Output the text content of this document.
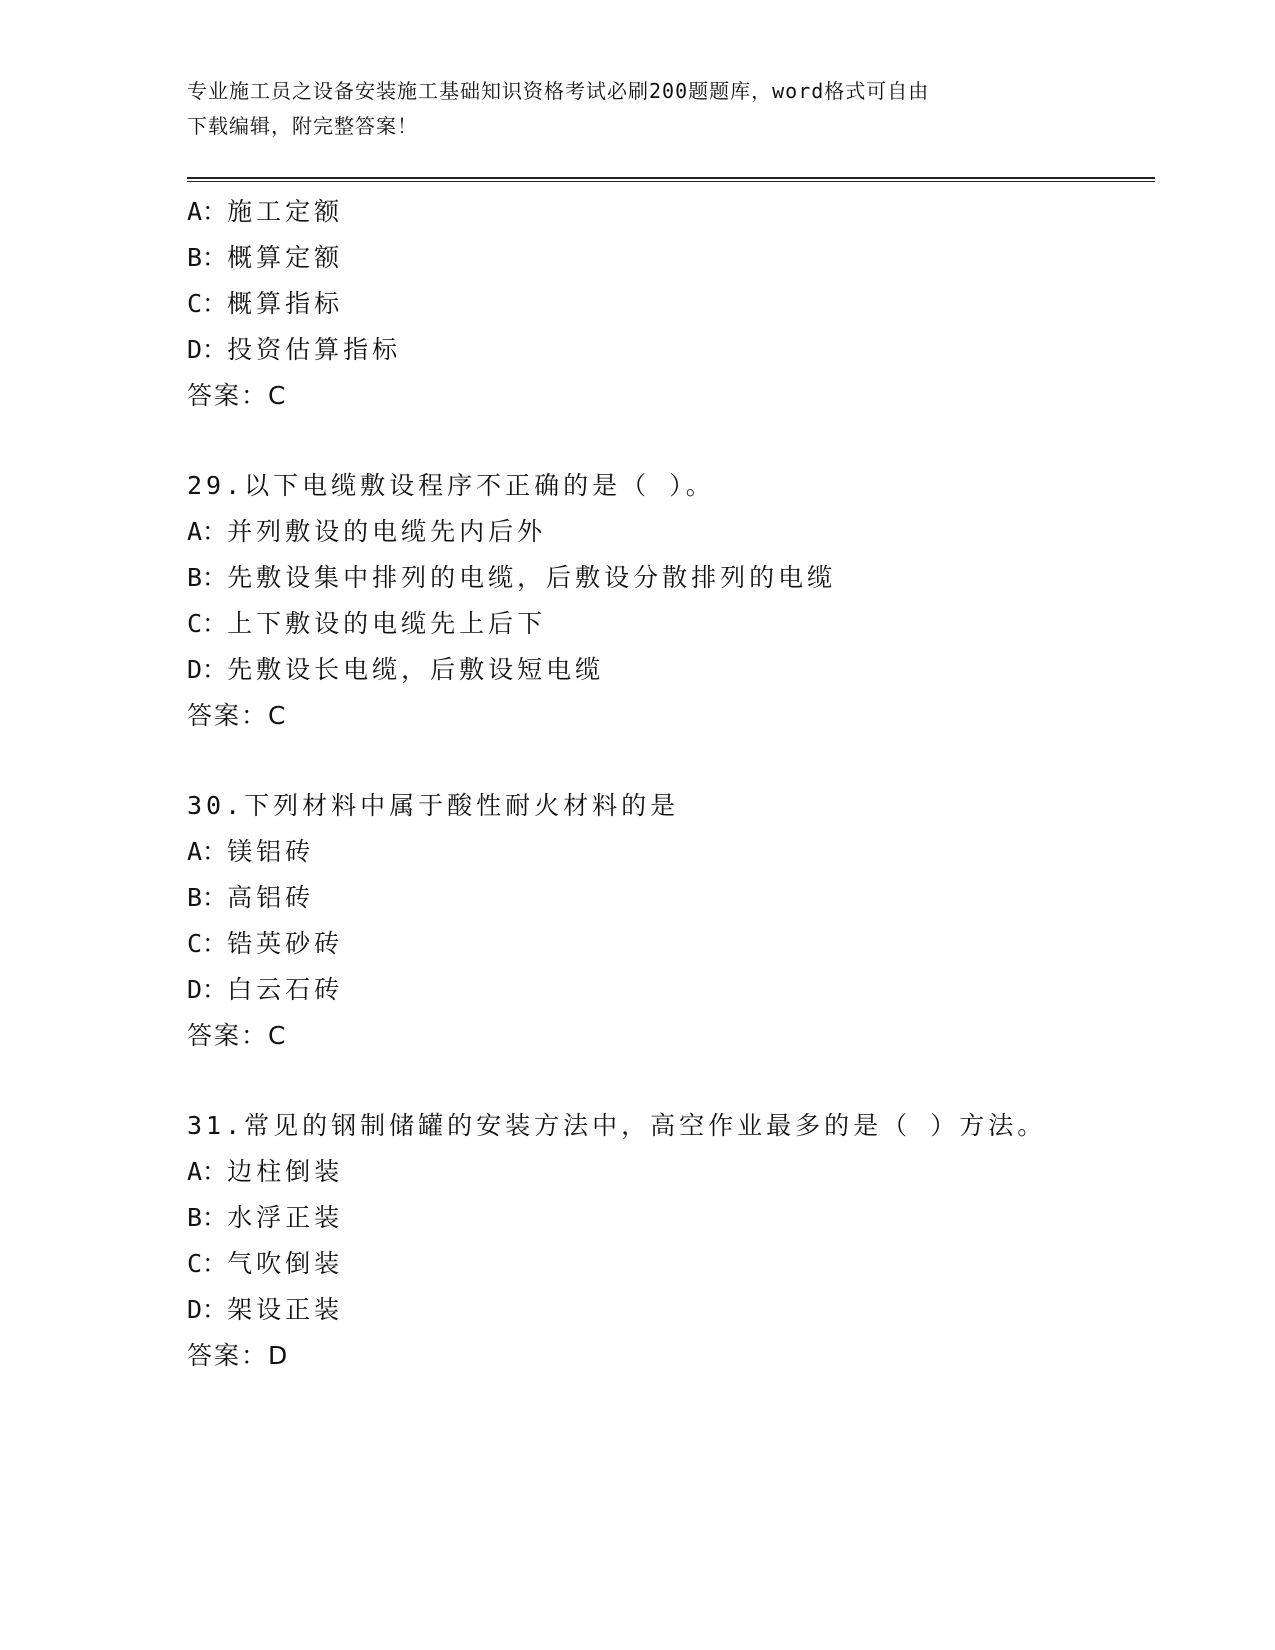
专业施工员之设备安装施工基础知识资格考试必刷200题题库，word格式可自由
下载编辑，附完整答案！
A：施工定额
B：概算定额
C：概算指标
D：投资估算指标
答案：C
29.以下电缆敷设程序不正确的是（ ）。
A：并列敷设的电缆先内后外
B：先敷设集中排列的电缆，后敷设分散排列的电缆
C：上下敷设的电缆先上后下
D：先敷设长电缆，后敷设短电缆
答案：C
30.下列材料中属于酸性耐火材料的是
A：镁铝砖
B：高铝砖
C：锆英砂砖
D：白云石砖
答案：C
31.常见的钢制储罐的安装方法中，高空作业最多的是（ ）方法。
A：边柱倒装
B：水浮正装
C：气吹倒装
D：架设正装
答案：D
